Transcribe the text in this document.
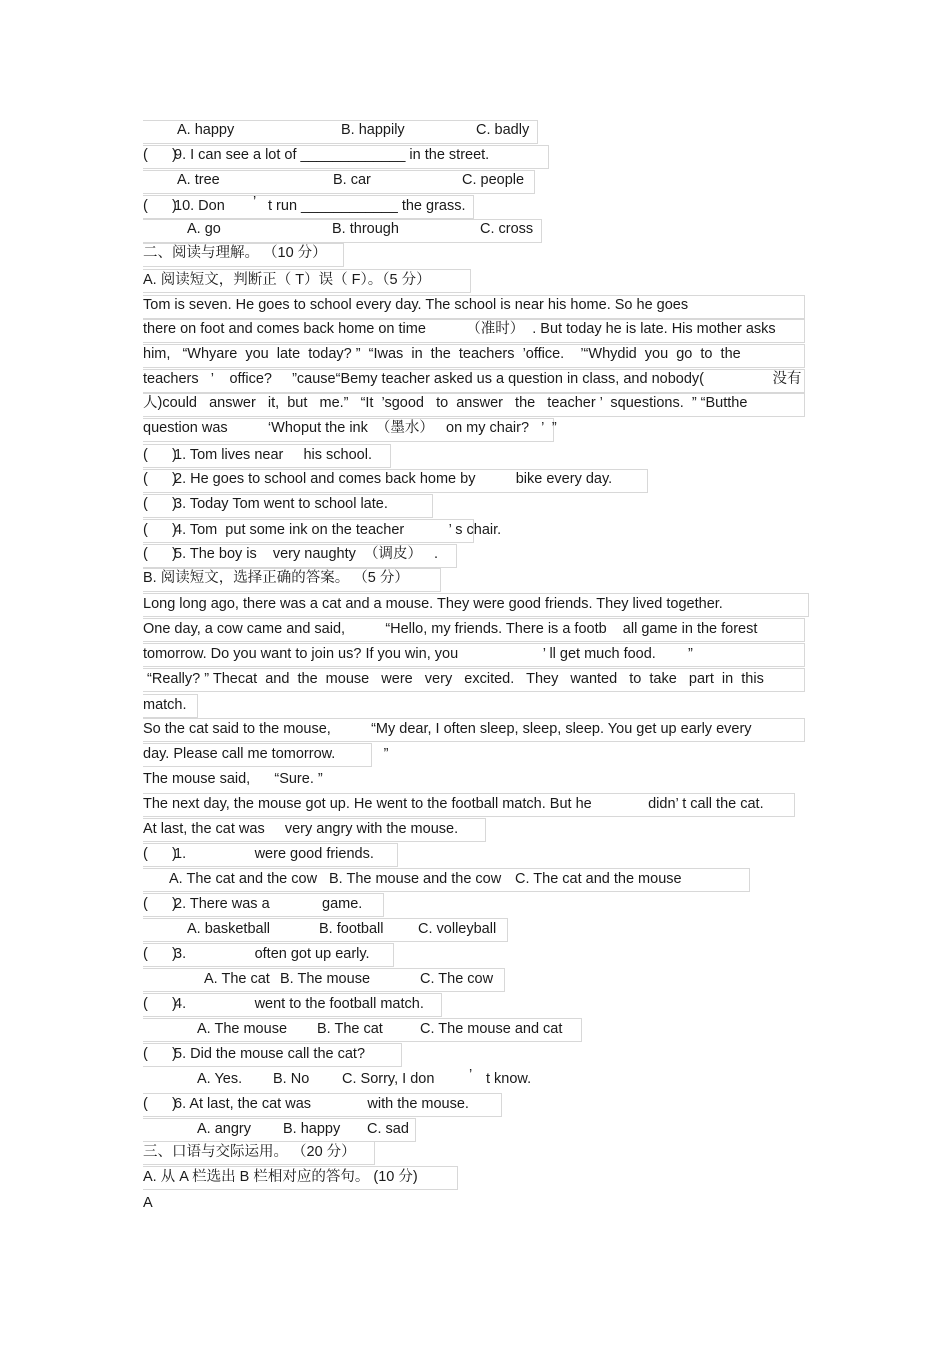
A. happy	B. happily	C. badly
(      )
9. I can see a lot of _____________ in the street.
A. tree	B. car	C. people
(      )
10. Don ’ t run ____________ the grass.
A. go	B. through	C. cross
二、阅读与理解。 （10 分）
A. 阅读短文，判断正（ T）误（ F）。（5 分）
Tom is seven. He goes to school every day. The school is near his home. So he goes
there on foot and comes back home on time          （准时）  . But today he is late. His mother asks
him,   “Whyare  you  late  today? ”  “Iwas  in  the  teachers  ’office.    ’“Whydid  you  go  to  the
teachers   ’    office?     ”cause“Bemy teacher asked us a question in class, and nobody(                 没有
人)could   answer   it,  but   me.”   “It  ’sgood   to  answer   the   teacher ’  squestions.  ” “Butthe
question was          ‘Whoput the ink  （墨水）   on my chair?   ’  ”
(      )
1. Tom lives near     his school.
(      )
2. He goes to school and comes back home by          bike every day.
(      )
3. Today Tom went to school late.
(      )
4. Tom  put some ink on the teacher           ’ s chair.
(      )
5. The boy is    very naughty  （调皮）   .
B. 阅读短文，选择正确的答案。 （5 分）
Long long ago, there was a cat and a mouse. They were good friends. They lived together.
One day, a cow came and said,          “Hello, my friends. There is a footb    all game in the forest
tomorrow. Do you want to join us? If you win, you                     ’ ll get much food.        ”
“Really? ” Thecat  and  the  mouse   were   very   excited.   They   wanted   to  take   part  in  this
match.
So the cat said to the mouse,          “My dear, I often sleep, sleep, sleep. You get up early every
day. Please call me tomorrow.            ”
The mouse said,      “Sure. ”
The next day, the mouse got up. He went to the football match. But he              didn’ t call the cat.
At last, the cat was     very angry with the mouse.
(      )
1.                 were good friends.
A. The cat and the cow B. The mouse and the cow C. The cat and the mouse
(      )
2. There was a             game.
A. basketball	B. football C. volleyball
(      )
3.                 often got up early.
A. The cat B. The mouse	C. The cow
(      )
4.                 went to the football match.
A. The mouse B. The cat	C. The mouse and cat
(      )
5. Did the mouse call the cat?
A. Yes. B. No C. Sorry, I don ’ t know.
(      )
6. At last, the cat was              with the mouse.
A. angry B. happy C. sad
三、口语与交际运用。 （20 分）
A. 从 A 栏选出 B 栏相对应的答句。 (10 分)
A
